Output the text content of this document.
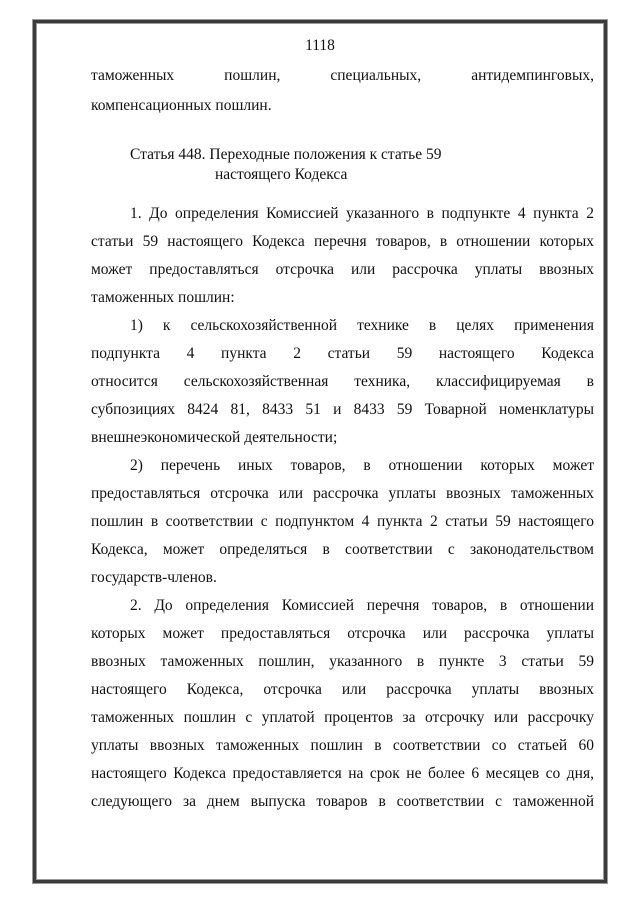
1118
таможенных пошлин, специальных, антидемпинговых,
компенсационных пошлин.
Статья 448. Переходные положения к статье 59
настоящего Кодекса
1. До определения Комиссией указанного в подпункте 4 пункта 2
статьи 59 настоящего Кодекса перечня товаров, в отношении которых
может предоставляться отсрочка или рассрочка уплаты ввозных
таможенных пошлин:
1) к сельскохозяйственной технике в целях применения
подпункта 4 пункта 2 статьи 59 настоящего Кодекса
относится сельскохозяйственная техника, классифицируемая в
субпозициях 8424 81, 8433 51 и 8433 59 Товарной номенклатуры
внешнеэкономической деятельности;
2) перечень иных товаров, в отношении которых может
предоставляться отсрочка или рассрочка уплаты ввозных таможенных
пошлин в соответствии с подпунктом 4 пункта 2 статьи 59 настоящего
Кодекса, может определяться в соответствии с законодательством
государств-членов.
2. До определения Комиссией перечня товаров, в отношении
которых может предоставляться отсрочка или рассрочка уплаты
ввозных таможенных пошлин, указанного в пункте 3 статьи 59
настоящего Кодекса, отсрочка или рассрочка уплаты ввозных
таможенных пошлин с уплатой процентов за отсрочку или рассрочку
уплаты ввозных таможенных пошлин в соответствии со статьей 60
настоящего Кодекса предоставляется на срок не более 6 месяцев со дня,
следующего за днем выпуска товаров в соответствии с таможенной
